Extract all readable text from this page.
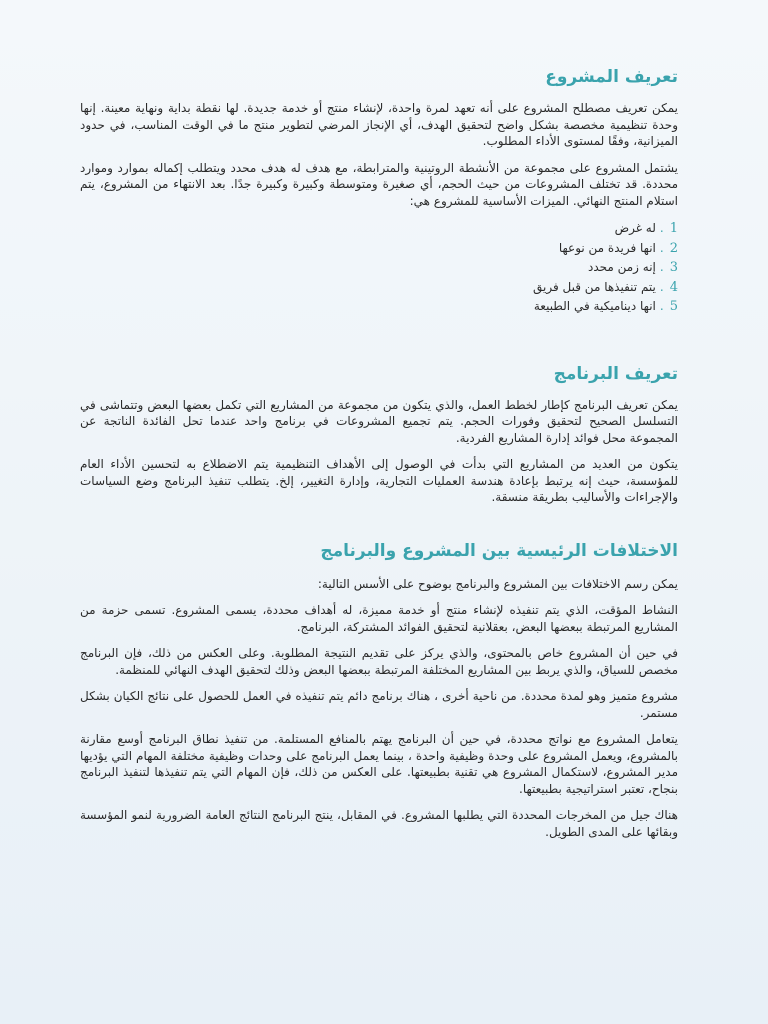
تعريف المشروع

يمكن تعريف مصطلح المشروع على أنه تعهد لمرة واحدة، لإنشاء منتج أو خدمة جديدة. لها نقطة بداية ونهاية معينة. إنها وحدة تنظيمية مخصصة بشكل واضح لتحقيق الهدف، أي الإنجاز المرضي لتطوير منتج ما في الوقت المناسب، في حدود الميزانية، وفقًا لمستوى الأداء المطلوب.

يشتمل المشروع على مجموعة من الأنشطة الروتينية والمترابطة، مع هدف له هدف محدد ويتطلب إكماله بموارد وموارد محددة. قد تختلف المشروعات من حيث الحجم، أي صغيرة ومتوسطة وكبيرة وكبيرة جدًا. بعد الانتهاء من المشروع، يتم استلام المنتج النهائي. الميزات الأساسية للمشروع هي:

1.له غرض
2.انها فريدة من نوعها
3.إنه زمن محدد
4.يتم تنفيذها من قبل فريق
5.انها ديناميكية في الطبيعة
تعريف البرنامج

يمكن تعريف البرنامج كإطار لخطط العمل، والذي يتكون من مجموعة من المشاريع التي تكمل بعضها البعض وتتماشى في التسلسل الصحيح لتحقيق وفورات الحجم. يتم تجميع المشروعات في برنامج واحد عندما تحل الفائدة الناتجة عن المجموعة محل فوائد إدارة المشاريع الفردية.

يتكون من العديد من المشاريع التي بدأت في الوصول إلى الأهداف التنظيمية يتم الاضطلاع به لتحسين الأداء العام للمؤسسة، حيث إنه يرتبط بإعادة هندسة العمليات التجارية، وإدارة التغيير، إلخ. يتطلب تنفيذ البرنامج وضع السياسات والإجراءات والأساليب بطريقة منسقة.

الاختلافات الرئيسية بين المشروع والبرنامج

يمكن رسم الاختلافات بين المشروع والبرنامج بوضوح على الأسس التالية:

النشاط المؤقت، الذي يتم تنفيذه لإنشاء منتج أو خدمة مميزة، له أهداف محددة، يسمى المشروع. تسمى حزمة من المشاريع المرتبطة ببعضها البعض، بعقلانية لتحقيق الفوائد المشتركة، البرنامج.

في حين أن المشروع خاص بالمحتوى، والذي يركز على تقديم النتيجة المطلوبة. وعلى العكس من ذلك، فإن البرنامج مخصص للسياق، والذي يربط بين المشاريع المختلفة المرتبطة ببعضها البعض وذلك لتحقيق الهدف النهائي للمنظمة.

مشروع متميز وهو لمدة محددة. من ناحية أخرى ، هناك برنامج دائم يتم تنفيذه في العمل للحصول على نتائج الكيان بشكل مستمر.

يتعامل المشروع مع نواتج محددة، في حين أن البرنامج يهتم بالمنافع المستلمة. من تنفيذ نطاق البرنامج أوسع مقارنة بالمشروع، ويعمل المشروع على وحدة وظيفية واحدة ، بينما يعمل البرنامج على وحدات وظيفية مختلفة المهام التي يؤديها مدير المشروع، لاستكمال المشروع هي تقنية بطبيعتها. على العكس من ذلك، فإن المهام التي يتم تنفيذها لتنفيذ البرنامج بنجاح، تعتبر استراتيجية بطبيعتها.

هناك جيل من المخرجات المحددة التي يطلبها المشروع. في المقابل، ينتج البرنامج النتائج العامة الضرورية لنمو المؤسسة وبقائها على المدى الطويل.
